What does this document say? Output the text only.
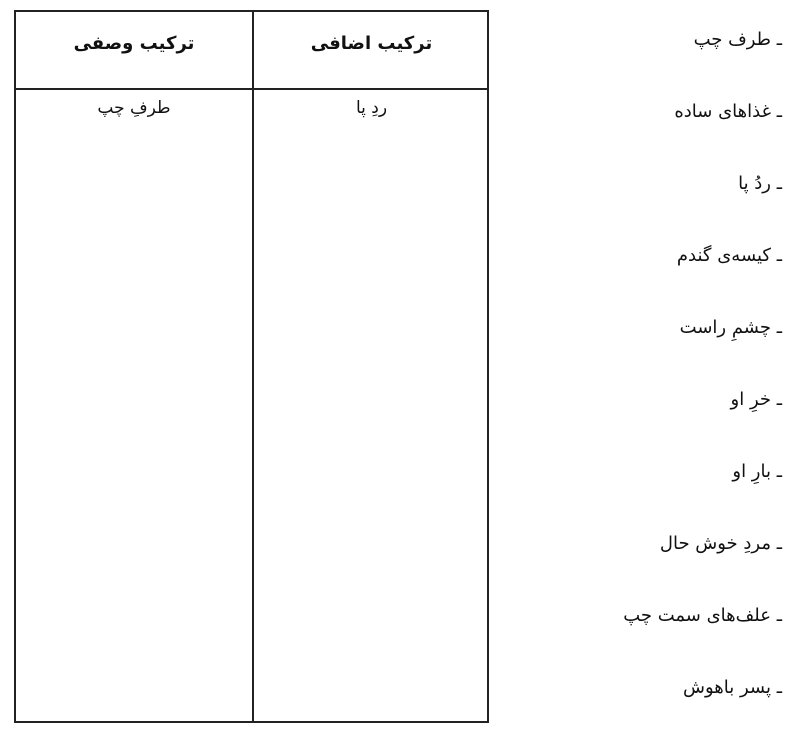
ترکیب اضافی
ردِ پا
ترکیب وصفی
طرفِ چپ
ـ طرف چپ
ـ غذاهای ساده
ـ ردُ پا
ـ کیسه‌ی گندم
ـ چشمِ راست
ـ خرِ او
ـ بارِ او
ـ مردِ خوش حال
ـ علف‌های سمت چپ
ـ پسر باهوش
